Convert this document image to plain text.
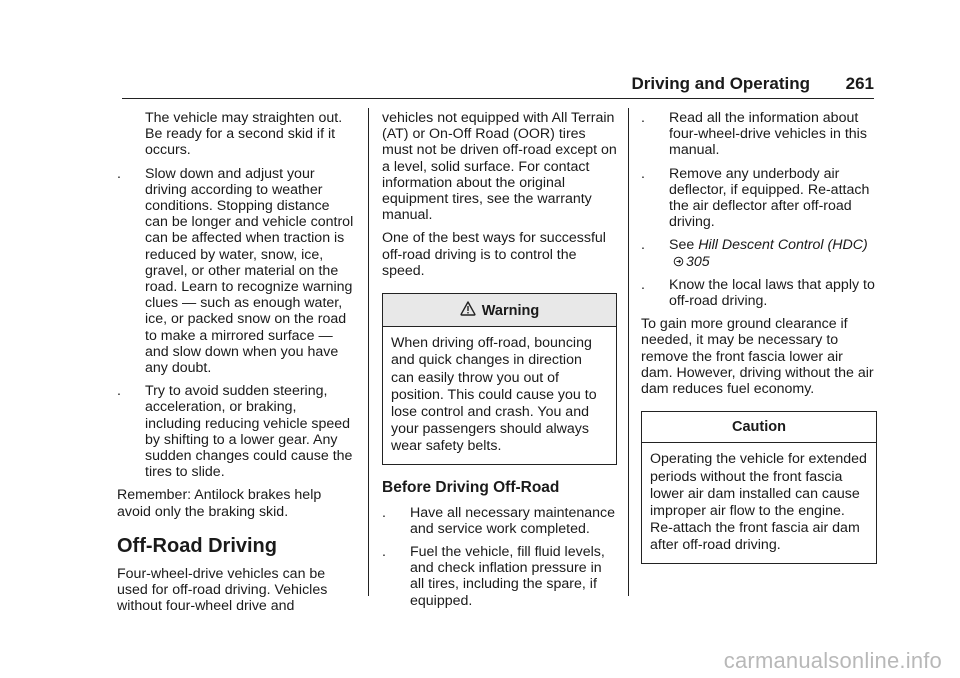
Driving and Operating 261

The vehicle may straighten out. Be ready for a second skid if it occurs.

. Slow down and adjust your driving according to weather conditions. Stopping distance can be longer and vehicle control can be affected when traction is reduced by water, snow, ice, gravel, or other material on the road. Learn to recognize warning clues — such as enough water, ice, or packed snow on the road to make a mirrored surface — and slow down when you have any doubt.
. Try to avoid sudden steering, acceleration, or braking, including reducing vehicle speed by shifting to a lower gear. Any sudden changes could cause the tires to slide.

Remember: Antilock brakes help avoid only the braking skid.

Off-Road Driving

Four-wheel-drive vehicles can be used for off-road driving. Vehicles without four-wheel drive and

vehicles not equipped with All Terrain (AT) or On-Off Road (OOR) tires must not be driven off-road except on a level, solid surface. For contact information about the original equipment tires, see the warranty manual.

One of the best ways for successful off-road driving is to control the speed.

Warning
When driving off-road, bouncing and quick changes in direction can easily throw you out of position. This could cause you to lose control and crash. You and your passengers should always wear safety belts.
Before Driving Off-Road
. Have all necessary maintenance and service work completed.
. Fuel the vehicle, fill fluid levels, and check inflation pressure in all tires, including the spare, if equipped.
. Read all the information about four-wheel-drive vehicles in this manual.
. Remove any underbody air deflector, if equipped. Re-attach the air deflector after off-road driving.
. See Hill Descent Control (HDC)305
. Know the local laws that apply to off-road driving.

To gain more ground clearance if needed, it may be necessary to remove the front fascia lower air dam. However, driving without the air dam reduces fuel economy.

Caution
Operating the vehicle for extended periods without the front fascia lower air dam installed can cause improper air flow to the engine. Re-attach the front fascia air dam after off-road driving.
carmanualsonline.info
